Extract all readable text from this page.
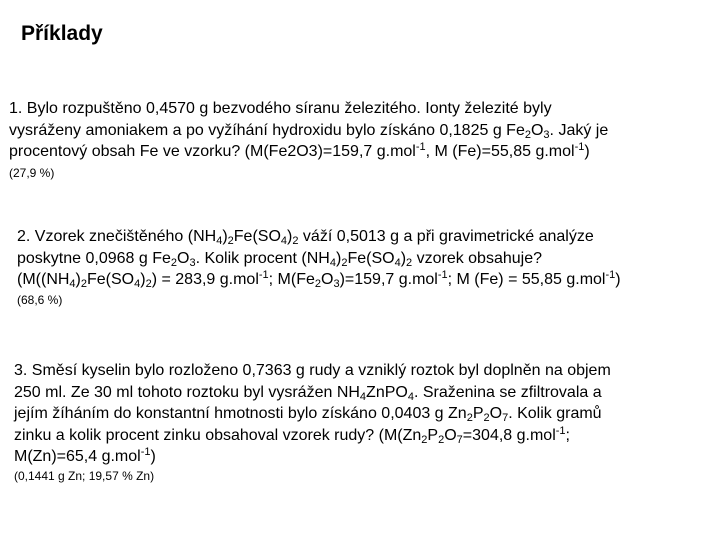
Příklady
1. Bylo rozpuštěno 0,4570 g bezvodého síranu železitého. Ionty železité byly
vysráženy amoniakem a po vyžíhání hydroxidu bylo získáno 0,1825 g $Fe_2O_3$. Jaký je
procentový obsah Fe ve vzorku? (M(Fe2O3)=159,7 g.mol$^{-1}$, M (Fe)=55,85 g.mol$^{-1}$)
(27,9 %)
2. Vzorek znečištěného $(NH_4)_2Fe(SO_4)_2$ váží 0,5013 g a při gravimetrické analýze
poskytne 0,0968 g $Fe_2O_3$. Kolik procent $(NH_4)_2Fe(SO_4)_2$ vzorek obsahuje?
($M((NH_4)_2Fe(SO_4)_2) = 283,9$ g.mol$^{-1}$; $M(Fe_2O_3)=159,7$ g.mol$^{-1}$; M (Fe) = 55,85 g.mol$^{-1}$)
(68,6 %)
3. Směsí kyselin bylo rozloženo 0,7363 g rudy a vzniklý roztok byl doplněn na objem
250 ml. Ze 30 ml tohoto roztoku byl vysrážen $NH_4ZnPO_4$. Sraženina se zfiltrovala a
jejím žíháním do konstantní hmotnosti bylo získáno 0,0403 g $Zn_2P_2O_7$. Kolik gramů
zinku a kolik procent zinku obsahoval vzorek rudy? ($M(Zn_2P_2O_7=304,8$ g.mol$^{-1}$;
M(Zn)=65,4 g.mol$^{-1}$)
(0,1441 g Zn; 19,57 % Zn)
